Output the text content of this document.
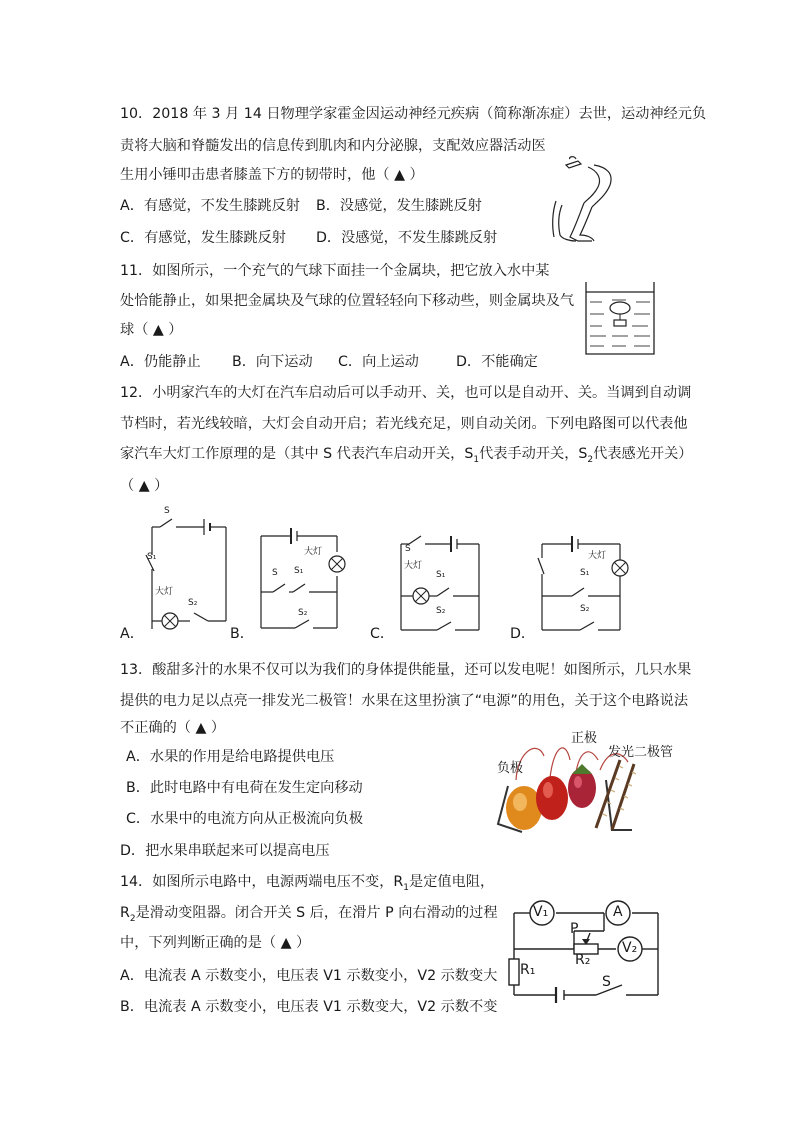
10．2018 年 3 月 14 日物理学家霍金因运动神经元疾病（简称渐冻症）去世，运动神经元负
责将大脑和脊髓发出的信息传到肌肉和内分泌腺，支配效应器活动医
生用小锤叩击患者膝盖下方的韧带时，他（ ▲ ）
A．有感觉，不发生膝跳反射 B．没感觉，发生膝跳反射
C．有感觉，发生膝跳反射 D．没感觉，不发生膝跳反射
11．如图所示，一个充气的气球下面挂一个金属块，把它放入水中某
处恰能静止，如果把金属块及气球的位置轻轻向下移动些，则金属块及气
球（ ▲ ）
A．仍能静止 B．向下运动 C．向上运动	D．不能确定
12．小明家汽车的大灯在汽车启动后可以手动开、关，也可以是自动开、关。当调到自动调
节档时，若光线较暗，大灯会自动开启；若光线充足，则自动关闭。下列电路图可以代表他
家汽车大灯工作原理的是（其中 S 代表汽车启动开关，$S_1$代表手动开关，$S_2$代表感光开关）
（ ▲ ）
A．
S
S₁
大灯
S₂
B．
大灯
S S₁
S₂
C．
S
大灯
S₁
S₂
D．
大灯
S₁
S₂
13．酸甜多汁的水果不仅可以为我们的身体提供能量，还可以发电呢！如图所示，几只水果
提供的电力足以点亮一排发光二极管！水果在这里扮演了“电源”的用色，关于这个电路说法
不正确的（ ▲ ）
A．水果的作用是给电路提供电压
B．此时电路中有电荷在发生定向移动
C．水果中的电流方向从正极流向负极
D．把水果串联起来可以提高电压
负极
正极
发光二极管
14．如图所示电路中，电源两端电压不变，$R_1$是定值电阻，
$R_2$是滑动变阻器。闭合开关 S 后，在滑片 P 向右滑动的过程
中，下列判断正确的是（ ▲ ）
A．电流表 A 示数变小，电压表 V1 示数变小，V2 示数变大
B．电流表 A 示数变小，电压表 V1 示数变大，V2 示数不变
V₁	A
V₂
P
R₂
R₁
S
